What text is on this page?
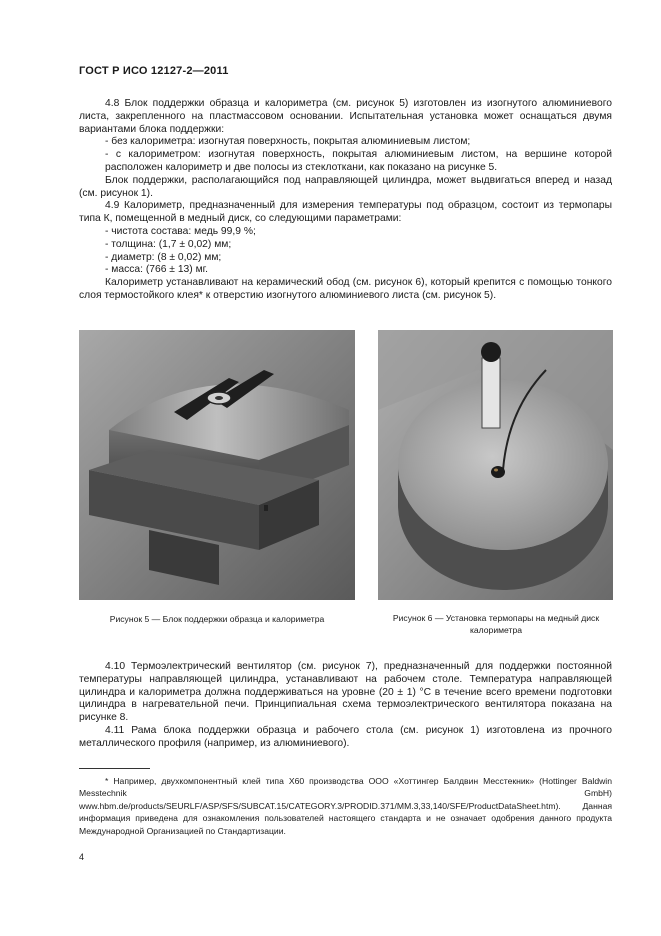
ГОСТ Р ИСО 12127-2—2011

4.8 Блок поддержки образца и калориметра (см. рисунок 5) изготовлен из изогнутого алюминиевого листа, закрепленного на пластмассовом основании. Испытательная установка может оснащаться двумя вариантами блока поддержки:

- без калориметра: изогнутая поверхность, покрытая алюминиевым листом;

- с калориметром: изогнутая поверхность, покрытая алюминиевым листом, на вершине которой расположен калориметр и две полосы из стеклоткани, как показано на рисунке 5.

Блок поддержки, располагающийся под направляющей цилиндра, может выдвигаться вперед и назад (см. рисунок 1).

4.9 Калориметр, предназначенный для измерения температуры под образцом, состоит из термопары типа К, помещенной в медный диск, со следующими параметрами:

- чистота состава: медь 99,9 %;

- толщина: (1,7 ± 0,02) мм;

- диаметр: (8 ± 0,02) мм;

- масса: (766 ± 13) мг.

Калориметр устанавливают на керамический обод (см. рисунок 6), который крепится с помощью тонкого слоя термостойкого клея* к отверстию изогнутого алюминиевого листа (см. рисунок 5).

Рисунок 5 — Блок поддержки образца и калориметра	Рисунок 6 — Установка термопары на медный диск калориметра

4.10 Термоэлектрический вентилятор (см. рисунок 7), предназначенный для поддержки постоянной температуры направляющей цилиндра, устанавливают на рабочем столе. Температура направляющей цилиндра и калориметра должна поддерживаться на уровне (20 ± 1) °С в течение всего времени подготовки цилиндра в нагревательной печи. Принципиальная схема термоэлектрического вентилятора показана на рисунке 8.

4.11 Рама блока поддержки образца и рабочего стола (см. рисунок 1) изготовлена из прочного металлического профиля (например, из алюминиевого).

* Например, двухкомпонентный клей типа X60 производства ООО «Хоттингер Балдвин Месстекник» (Hottinger Baldwin Messtechnik GmbH) www.hbm.de/products/SEURLF/ASP/SFS/SUBCAT.15/CATEGORY.3/PRODID.371/MM.3,33,140/SFE/ProductDataSheet.htm). Данная информация приведена для ознакомления пользователей настоящего стандарта и не означает одобрения данного продукта Международной Организацией по Стандартизации.

4
